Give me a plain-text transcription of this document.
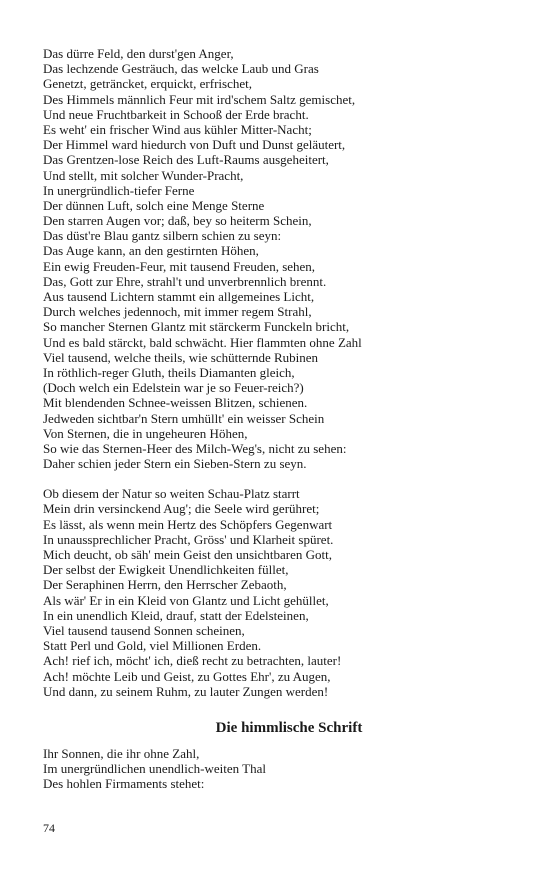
Das dürre Feld, den durst'gen Anger,
Das lechzende Gesträuch, das welcke Laub und Gras
Genetzt, geträncket, erquickt, erfrischet,
Des Himmels männlich Feur mit ird'schem Saltz gemischet,
Und neue Fruchtbarkeit in Schooß der Erde bracht.
Es weht' ein frischer Wind aus kühler Mitter-Nacht;
Der Himmel ward hiedurch von Duft und Dunst geläutert,
Das Grentzen-lose Reich des Luft-Raums ausgeheitert,
Und stellt, mit solcher Wunder-Pracht,
In unergründlich-tiefer Ferne
Der dünnen Luft, solch eine Menge Sterne
Den starren Augen vor; daß, bey so heiterm Schein,
Das düst're Blau gantz silbern schien zu seyn:
Das Auge kann, an den gestirnten Höhen,
Ein ewig Freuden-Feur, mit tausend Freuden, sehen,
Das, Gott zur Ehre, strahl't und unverbrennlich brennt.
Aus tausend Lichtern stammt ein allgemeines Licht,
Durch welches jedennoch, mit immer regem Strahl,
So mancher Sternen Glantz mit stärckerm Funckeln bricht,
Und es bald stärckt, bald schwächt. Hier flammten ohne Zahl
Viel tausend, welche theils, wie schütternde Rubinen
In röthlich-reger Gluth, theils Diamanten gleich,
(Doch welch ein Edelstein war je so Feuer-reich?)
Mit blendenden Schnee-weissen Blitzen, schienen.
Jedweden sichtbar'n Stern umhüllt' ein weisser Schein
Von Sternen, die in ungeheuren Höhen,
So wie das Sternen-Heer des Milch-Weg's, nicht zu sehen:
Daher schien jeder Stern ein Sieben-Stern zu seyn.
Ob diesem der Natur so weiten Schau-Platz starrt
Mein drin versinckend Aug'; die Seele wird gerühret;
Es lässt, als wenn mein Hertz des Schöpfers Gegenwart
In unaussprechlicher Pracht, Gröss' und Klarheit spüret.
Mich deucht, ob säh' mein Geist den unsichtbaren Gott,
Der selbst der Ewigkeit Unendlichkeiten füllet,
Der Seraphinen Herrn, den Herrscher Zebaoth,
Als wär' Er in ein Kleid von Glantz und Licht gehüllet,
In ein unendlich Kleid, drauf, statt der Edelsteinen,
Viel tausend tausend Sonnen scheinen,
Statt Perl und Gold, viel Millionen Erden.
Ach! rief ich, möcht' ich, dieß recht zu betrachten, lauter!
Ach! möchte Leib und Geist, zu Gottes Ehr', zu Augen,
Und dann, zu seinem Ruhm, zu lauter Zungen werden!
Die himmlische Schrift
Ihr Sonnen, die ihr ohne Zahl,
Im unergründlichen unendlich-weiten Thal
Des hohlen Firmaments stehet:
74
